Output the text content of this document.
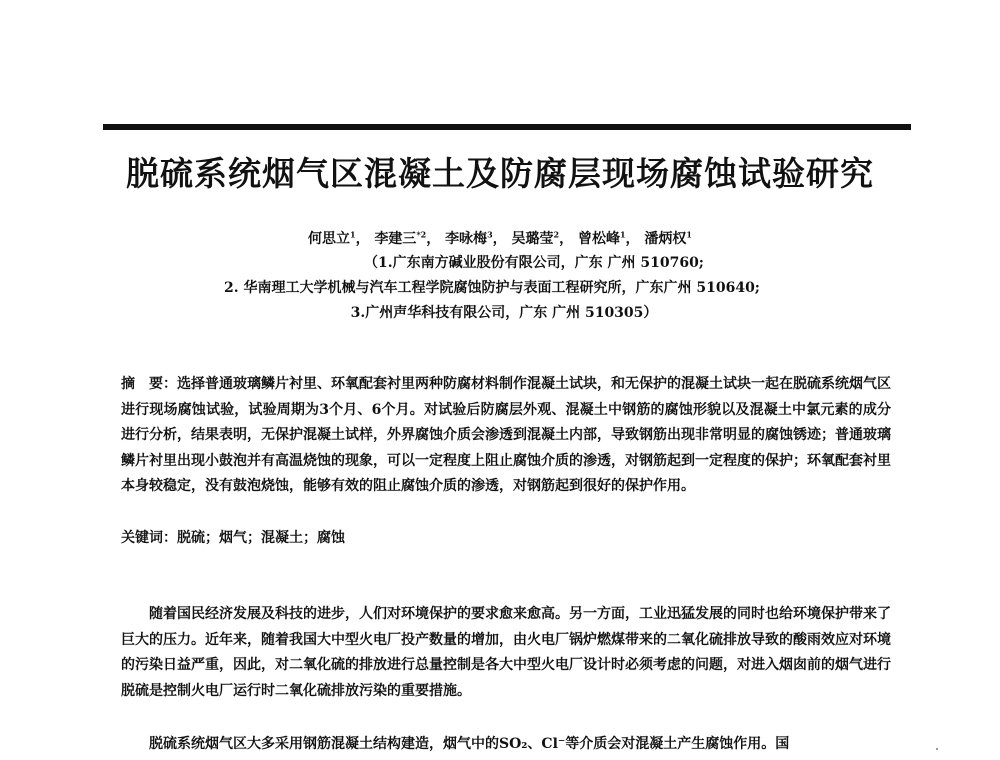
脱硫系统烟气区混凝土及防腐层现场腐蚀试验研究
何思立$^1$， 李建三$^{*2}$， 李咏梅$^3$， 吴璐莹$^2$， 曾松峰$^1$， 潘炳权$^1$
（1.广东南方碱业股份有限公司，广东 广州 510760;
2. 华南理工大学机械与汽车工程学院腐蚀防护与表面工程研究所，广东广州 510640;
3.广州声华科技有限公司，广东 广州 510305）
摘　要：选择普通玻璃鳞片衬里、环氧配套衬里两种防腐材料制作混凝土试块，和无保护的混凝土试块一起在脱硫系统烟气区进行现场腐蚀试验，试验周期为3个月、6个月。对试验后防腐层外观、混凝土中钢筋的腐蚀形貌以及混凝土中氯元素的成分进行分析，结果表明，无保护混凝土试样，外界腐蚀介质会渗透到混凝土内部，导致钢筋出现非常明显的腐蚀锈迹；普通玻璃鳞片衬里出现小鼓泡并有高温烧蚀的现象，可以一定程度上阻止腐蚀介质的渗透，对钢筋起到一定程度的保护；环氧配套衬里本身较稳定，没有鼓泡烧蚀，能够有效的阻止腐蚀介质的渗透，对钢筋起到很好的保护作用。
关键词：脱硫；烟气；混凝土；腐蚀
随着国民经济发展及科技的进步，人们对环境保护的要求愈来愈高。另一方面，工业迅猛发展的同时也给环境保护带来了巨大的压力。近年来，随着我国大中型火电厂投产数量的增加，由火电厂锅炉燃煤带来的二氧化硫排放导致的酸雨效应对环境的污染日益严重，因此，对二氧化硫的排放进行总量控制是各大中型火电厂设计时必须考虑的问题，对进入烟囱前的烟气进行脱硫是控制火电厂运行时二氧化硫排放污染的重要措施。
脱硫系统烟气区大多采用钢筋混凝土结构建造，烟气中的SO₂、Cl⁻等介质会对混凝土产生腐蚀作用。国
